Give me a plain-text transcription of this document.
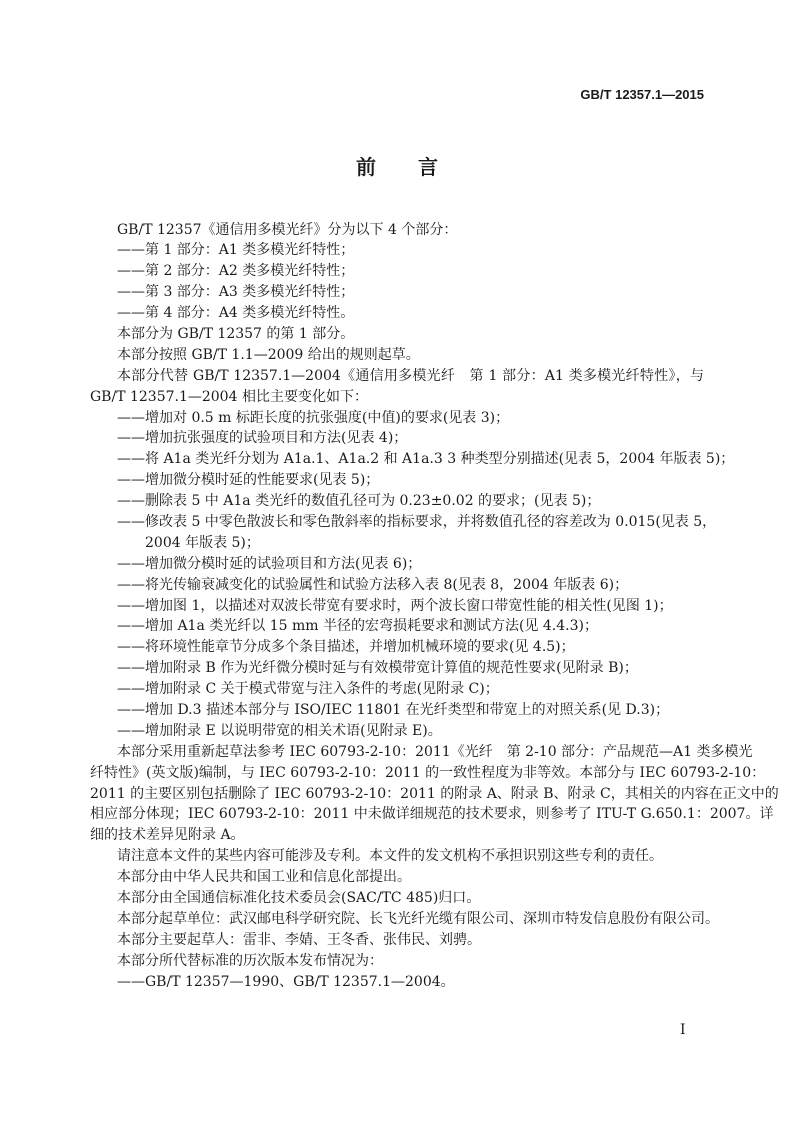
GB/T 12357.1—2015
前　言
GB/T 12357《通信用多模光纤》分为以下 4 个部分：
——第 1 部分：A1 类多模光纤特性；
——第 2 部分：A2 类多模光纤特性；
——第 3 部分：A3 类多模光纤特性；
——第 4 部分：A4 类多模光纤特性。
本部分为 GB/T 12357 的第 1 部分。
本部分按照 GB/T 1.1—2009 给出的规则起草。
本部分代替 GB/T 12357.1—2004《通信用多模光纤　第 1 部分：A1 类多模光纤特性》，与
GB/T 12357.1—2004 相比主要变化如下：
——增加对 0.5 m 标距长度的抗张强度(中值)的要求(见表 3)；
——增加抗张强度的试验项目和方法(见表 4)；
——将 A1a 类光纤分划为 A1a.1、A1a.2 和 A1a.3 3 种类型分别描述(见表 5，2004 年版表 5)；
——增加微分模时延的性能要求(见表 5)；
——删除表 5 中 A1a 类光纤的数值孔径可为 0.23±0.02 的要求；(见表 5)；
——修改表 5 中零色散波长和零色散斜率的指标要求，并将数值孔径的容差改为 0.015(见表 5，
2004 年版表 5)；
——增加微分模时延的试验项目和方法(见表 6)；
——将光传输衰减变化的试验属性和试验方法移入表 8(见表 8，2004 年版表 6)；
——增加图 1，以描述对双波长带宽有要求时，两个波长窗口带宽性能的相关性(见图 1)；
——增加 A1a 类光纤以 15 mm 半径的宏弯损耗要求和测试方法(见 4.4.3)；
——将环境性能章节分成多个条目描述，并增加机械环境的要求(见 4.5)；
——增加附录 B 作为光纤微分模时延与有效模带宽计算值的规范性要求(见附录 B)；
——增加附录 C 关于模式带宽与注入条件的考虑(见附录 C)；
——增加 D.3 描述本部分与 ISO/IEC 11801 在光纤类型和带宽上的对照关系(见 D.3)；
——增加附录 E 以说明带宽的相关术语(见附录 E)。
本部分采用重新起草法参考 IEC 60793-2-10：2011《光纤　第 2-10 部分：产品规范—A1 类多模光
纤特性》(英文版)编制，与 IEC 60793-2-10：2011 的一致性程度为非等效。本部分与 IEC 60793-2-10：
2011 的主要区别包括删除了 IEC 60793-2-10：2011 的附录 A、附录 B、附录 C，其相关的内容在正文中的
相应部分体现；IEC 60793-2-10：2011 中未做详细规范的技术要求，则参考了 ITU-T G.650.1：2007。详
细的技术差异见附录 A。
请注意本文件的某些内容可能涉及专利。本文件的发文机构不承担识别这些专利的责任。
本部分由中华人民共和国工业和信息化部提出。
本部分由全国通信标准化技术委员会(SAC/TC 485)归口。
本部分起草单位：武汉邮电科学研究院、长飞光纤光缆有限公司、深圳市特发信息股份有限公司。
本部分主要起草人：雷非、李婧、王冬香、张伟民、刘骋。
本部分所代替标准的历次版本发布情况为：
——GB/T 12357—1990、GB/T 12357.1—2004。
I
